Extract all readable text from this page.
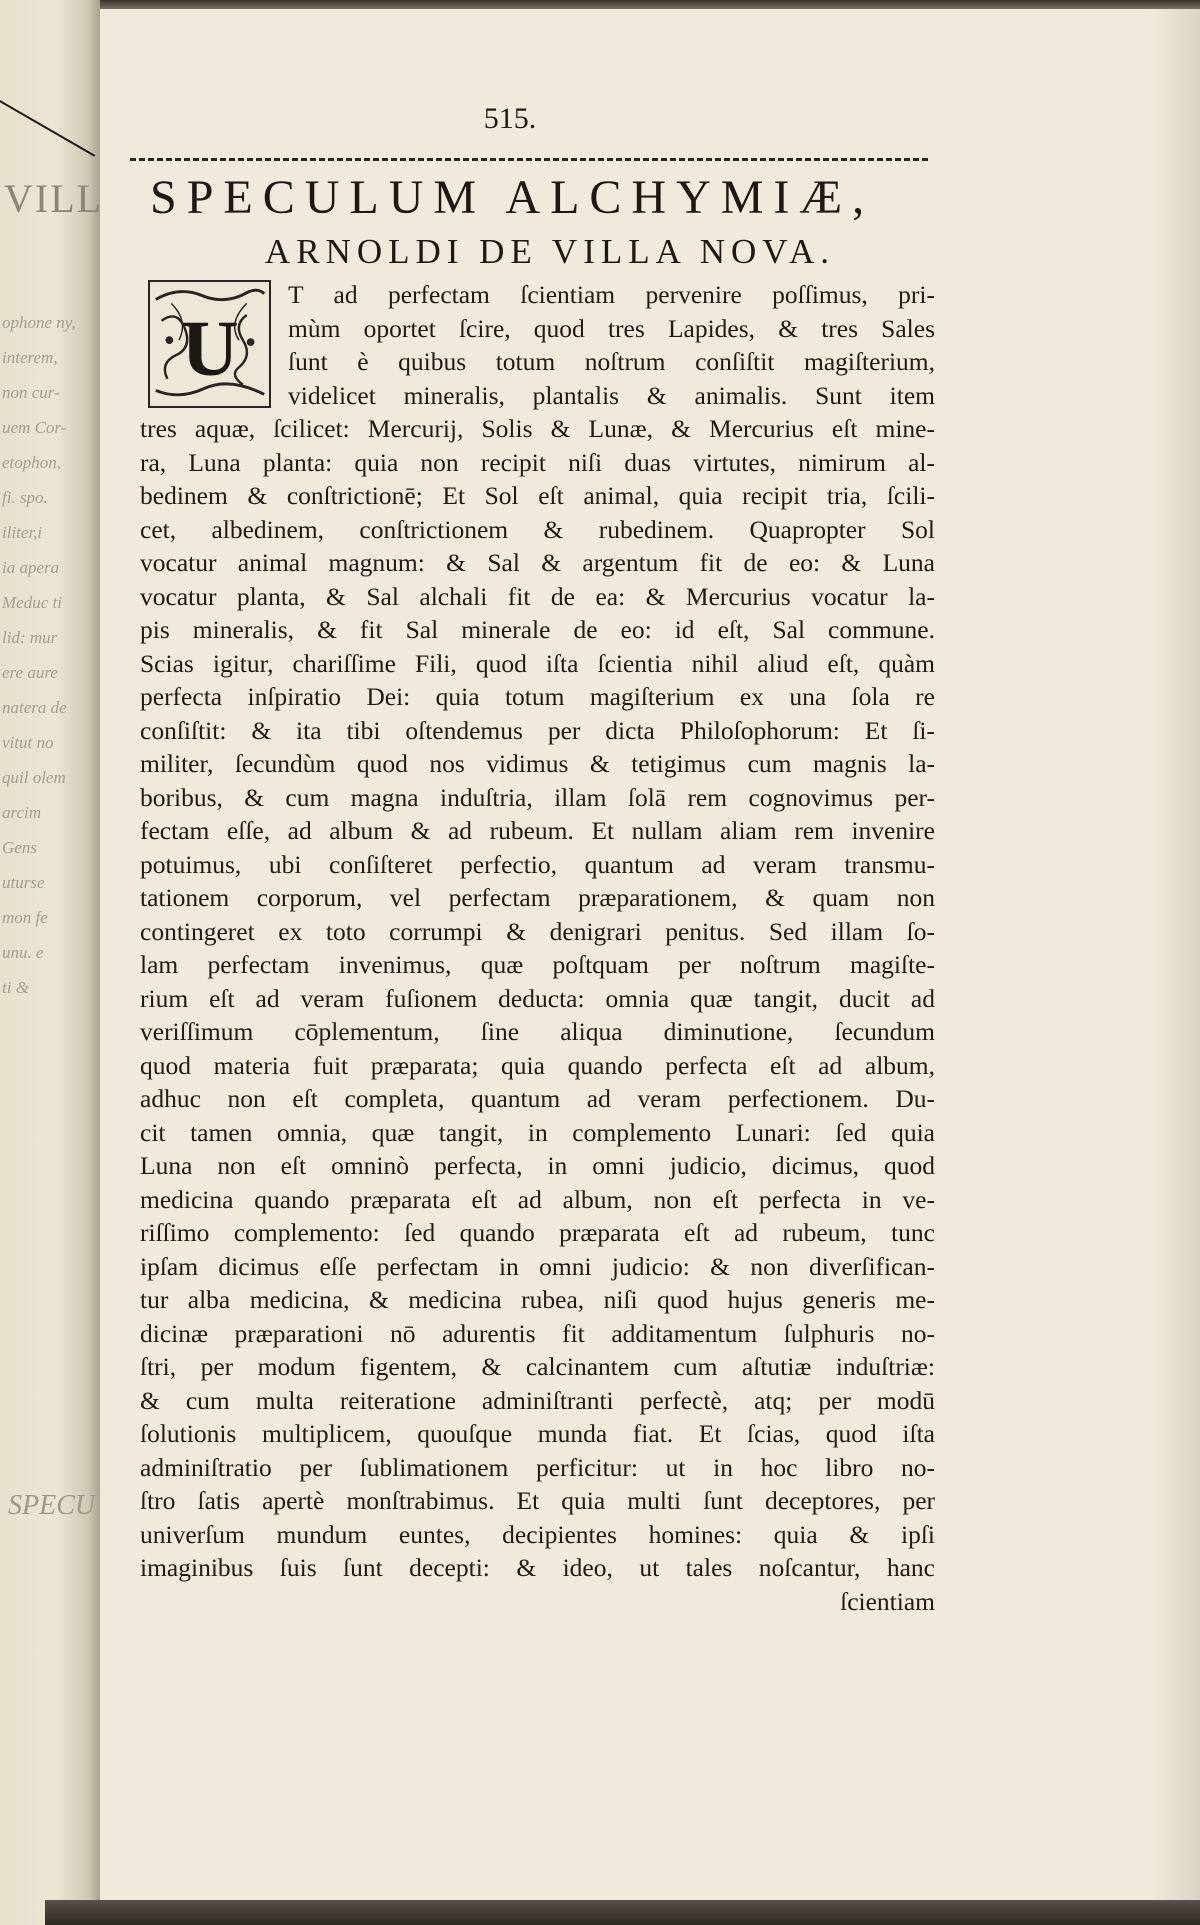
VILL
ophone ny,
interem,
non cur-
uem Cor-
etophon,
fi. spo.
iliter,i
ia apera
Meduc ti
lid: mur
ere aure
natera de
vitut no
quil olem
arcim
Gens
uturse
mon fe
unu. e
ti &
SPECU
515.
SPECULUM ALCHYMIÆ,
ARNOLDI DE VILLA NOVA.
U
T ad perfectam ſcientiam pervenire poſſimus, pri-
mùm oportet ſcire, quod tres Lapides, & tres Sales
ſunt è quibus totum noſtrum conſiſtit magiſterium,
videlicet mineralis, plantalis & animalis. Sunt item
tres aquæ, ſcilicet: Mercurij, Solis & Lunæ, & Mercurius eſt mine-
ra, Luna planta: quia non recipit niſi duas virtutes, nimirum al-
bedinem & conſtrictionē; Et Sol eſt animal, quia recipit tria, ſcili-
cet, albedinem, conſtrictionem & rubedinem. Quapropter Sol
vocatur animal magnum: & Sal & argentum fit de eo: & Luna
vocatur planta, & Sal alchali fit de ea: & Mercurius vocatur la-
pis mineralis, & fit Sal minerale de eo: id eſt, Sal commune.
Scias igitur, chariſſime Fili, quod iſta ſcientia nihil aliud eſt, quàm
perfecta inſpiratio Dei: quia totum magiſterium ex una ſola re
conſiſtit: & ita tibi oſtendemus per dicta Philoſophorum: Et ſi-
militer, ſecundùm quod nos vidimus & tetigimus cum magnis la-
boribus, & cum magna induſtria, illam ſolā rem cognovimus per-
fectam eſſe, ad album & ad rubeum. Et nullam aliam rem invenire
potuimus, ubi conſiſteret perfectio, quantum ad veram transmu-
tationem corporum, vel perfectam præparationem, & quam non
contingeret ex toto corrumpi & denigrari penitus. Sed illam ſo-
lam perfectam invenimus, quæ poſtquam per noſtrum magiſte-
rium eſt ad veram fuſionem deducta: omnia quæ tangit, ducit ad
veriſſimum cōplementum, ſine aliqua diminutione, ſecundum
quod materia fuit præparata; quia quando perfecta eſt ad album,
adhuc non eſt completa, quantum ad veram perfectionem. Du-
cit tamen omnia, quæ tangit, in complemento Lunari: ſed quia
Luna non eſt omninò perfecta, in omni judicio, dicimus, quod
medicina quando præparata eſt ad album, non eſt perfecta in ve-
riſſimo complemento: ſed quando præparata eſt ad rubeum, tunc
ipſam dicimus eſſe perfectam in omni judicio: & non diverſifican-
tur alba medicina, & medicina rubea, niſi quod hujus generis me-
dicinæ præparationi nō adurentis fit additamentum ſulphuris no-
ſtri, per modum figentem, & calcinantem cum aſtutiæ induſtriæ:
& cum multa reiteratione adminiſtranti perfectè, atq; per modū
ſolutionis multiplicem, quouſque munda fiat. Et ſcias, quod iſta
adminiſtratio per ſublimationem perficitur: ut in hoc libro no-
ſtro ſatis apertè monſtrabimus. Et quia multi ſunt deceptores, per
univerſum mundum euntes, decipientes homines: quia & ipſi
imaginibus ſuis ſunt decepti: & ideo, ut tales noſcantur, hanc
ſcientiam
